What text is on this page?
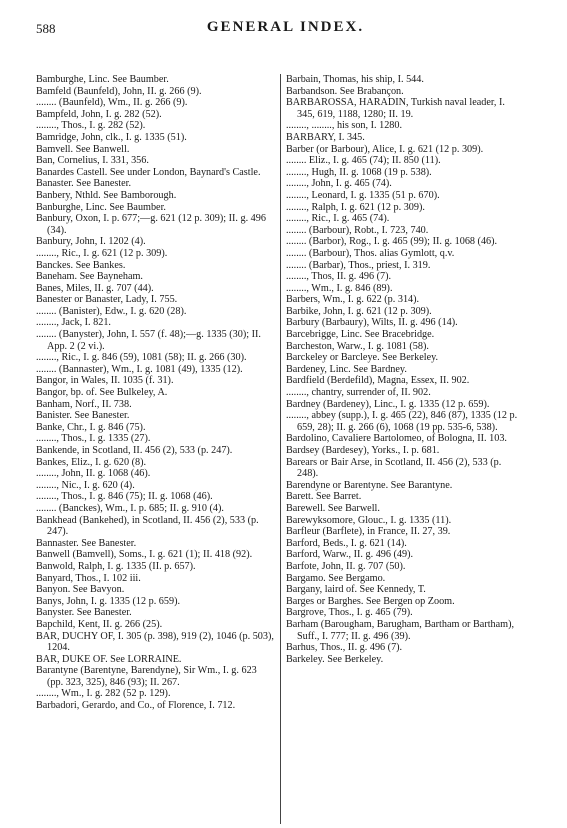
588	GENERAL INDEX.
Bamburghe, Linc. See Baumber.
Bamfeld (Baunfeld), John, II. g. 266 (9).
........ (Baunfeld), Wm., II. g. 266 (9).
Bampfeld, John, I. g. 282 (52).
........, Thos., I. g. 282 (52).
Bamridge, John, clk., I. g. 1335 (51).
Bamvell. See Banwell.
Ban, Cornelius, I. 331, 356.
Banardes Castell. See under London, Baynard's Castle.
Banaster. See Banester.
Banbery, Nthld. See Bamborough.
Banburghe, Linc. See Baumber.
Banbury, Oxon, I. p. 677;—g. 621 (12 p. 309); II. g. 496 (34).
Banbury, John, I. 1202 (4).
........, Ric., I. g. 621 (12 p. 309).
Banckes. See Bankes.
Baneham. See Bayneham.
Banes, Miles, II. g. 707 (44).
Banester or Banaster, Lady, I. 755.
........ (Banister), Edw., I. g. 620 (28).
........, Jack, I. 821.
........ (Banyster), John, I. 557 (f. 48);—g. 1335 (30); II. App. 2 (2 vi.).
........, Ric., I. g. 846 (59), 1081 (58); II. g. 266 (30).
........ (Bannaster), Wm., I. g. 1081 (49), 1335 (12).
Bangor, in Wales, II. 1035 (f. 31).
Bangor, bp. of. See Bulkeley, A.
Banham, Norf., II. 738.
Banister. See Banester.
Banke, Chr., I. g. 846 (75).
........, Thos., I. g. 1335 (27).
Bankende, in Scotland, II. 456 (2), 533 (p. 247).
Bankes, Eliz., I. g. 620 (8).
........, John, II. g. 1068 (46).
........, Nic., I. g. 620 (4).
........, Thos., I. g. 846 (75); II. g. 1068 (46).
........ (Banckes), Wm., I. p. 685; II. g. 910 (4).
Bankhead (Bankehed), in Scotland, II. 456 (2), 533 (p. 247).
Bannaster. See Banester.
Banwell (Bamvell), Soms., I. g. 621 (1); II. 418 (92).
Banwold, Ralph, I. g. 1335 (II. p. 657).
Banyard, Thos., I. 102 iii.
Banyon. See Bavyon.
Banys, John, I. g. 1335 (12 p. 659).
Banyster. See Banester.
Bapchild, Kent, II. g. 266 (25).
BAR, DUCHY OF, I. 305 (p. 398), 919 (2), 1046 (p. 503), 1204.
BAR, DUKE OF. See LORRAINE.
Barantyne (Barentyne, Barendyne), Sir Wm., I. g. 623 (pp. 323, 325), 846 (93); II. 267.
........, Wm., I. g. 282 (52 p. 129).
Barbadori, Gerardo, and Co., of Florence, I. 712.
Barbain, Thomas, his ship, I. 544.
Barbandson. See Brabançon.
BARBAROSSA, HARADIN, Turkish naval leader, I. 345, 619, 1188, 1280; II. 19.
........, ........, his son, I. 1280.
BARBARY, I. 345.
Barber (or Barbour), Alice, I. g. 621 (12 p. 309).
........ Eliz., I. g. 465 (74); II. 850 (11).
........, Hugh, II. g. 1068 (19 p. 538).
........, John, I. g. 465 (74).
........, Leonard, I. g. 1335 (51 p. 670).
........, Ralph, I. g. 621 (12 p. 309).
........, Ric., I. g. 465 (74).
........ (Barbour), Robt., I. 723, 740.
........ (Barbor), Rog., I. g. 465 (99); II. g. 1068 (46).
........ (Barbour), Thos. alias Gymlott, q.v.
........ (Barbar), Thos., priest, I. 319.
........, Thos, II. g. 496 (7).
........, Wm., I. g. 846 (89).
Barbers, Wm., I. g. 622 (p. 314).
Barbike, John, I. g. 621 (12 p. 309).
Barbury (Barbaury), Wilts, II. g. 496 (14).
Barcebrigge, Linc. See Bracebridge.
Barcheston, Warw., I. g. 1081 (58).
Barckeley or Barcleye. See Berkeley.
Bardeney, Linc. See Bardney.
Bardfield (Berdefild), Magna, Essex, II. 902.
........, chantry, surrender of, II. 902.
Bardney (Bardeney), Linc., I. g. 1335 (12 p. 659).
........, abbey (supp.), I. g. 465 (22), 846 (87), 1335 (12 p. 659, 28); II. g. 266 (6), 1068 (19 pp. 535-6, 538).
Bardolino, Cavaliere Bartolomeo, of Bologna, II. 103.
Bardsey (Bardesey), Yorks., I. p. 681.
Barears or Bair Arse, in Scotland, II. 456 (2), 533 (p. 248).
Barendyne or Barentyne. See Barantyne.
Barett. See Barret.
Barewell. See Barwell.
Barewyksomore, Glouc., I. g. 1335 (11).
Barfleur (Barflete), in France, II. 27, 39.
Barford, Beds., I. g. 621 (14).
Barford, Warw., II. g. 496 (49).
Barfote, John, II. g. 707 (50).
Bargamo. See Bergamo.
Bargany, laird of. See Kennedy, T.
Barges or Barghes. See Bergen op Zoom.
Bargrove, Thos., I. g. 465 (79).
Barham (Barougham, Barugham, Bartham or Bartham), Suff., I. 777; II. g. 496 (39).
Barhus, Thos., II. g. 496 (7).
Barkeley. See Berkeley.
